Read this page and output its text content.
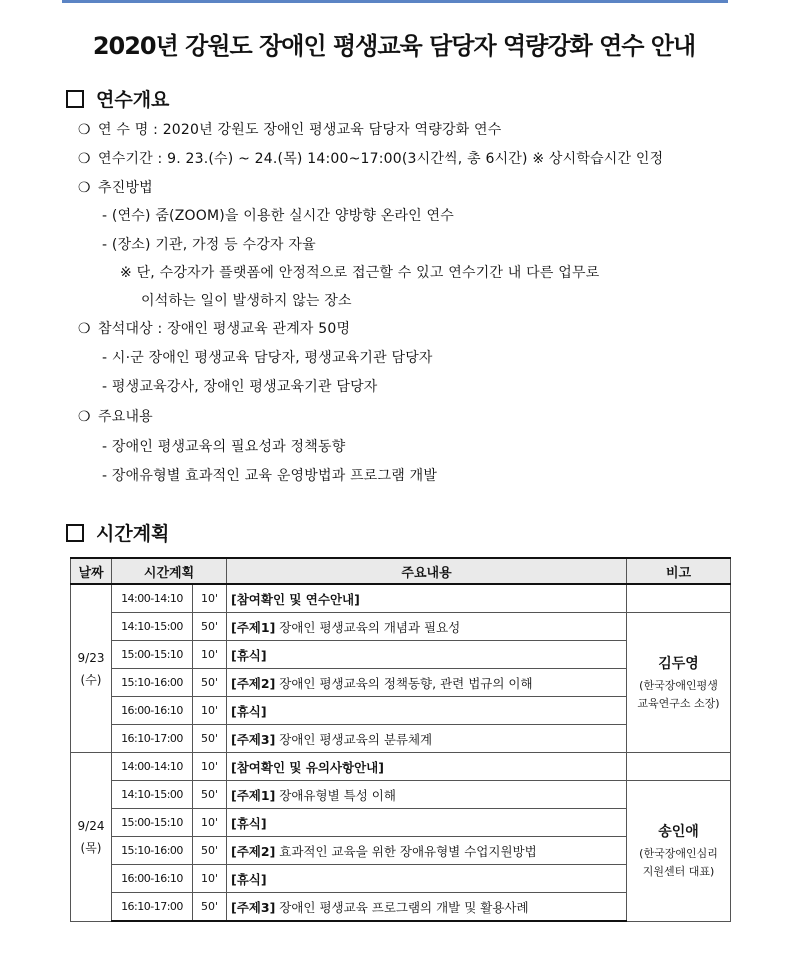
2020년 강원도 장애인 평생교육 담당자 역량강화 연수 안내
연수개요
❍ 연 수 명 : 2020년 강원도 장애인 평생교육 담당자 역량강화 연수
❍ 연수기간 : 9. 23.(수) ~ 24.(목) 14:00~17:00(3시간씩, 총 6시간) ※ 상시학습시간 인정
❍ 추진방법
- (연수) 줌(ZOOM)을 이용한 실시간 양방향 온라인 연수
- (장소) 기관, 가정 등 수강자 자율
※ 단, 수강자가 플랫폼에 안정적으로 접근할 수 있고 연수기간 내 다른 업무로
이석하는 일이 발생하지 않는 장소
❍ 참석대상 : 장애인 평생교육 관계자 50명
- 시·군 장애인 평생교육 담당자, 평생교육기관 담당자
- 평생교육강사, 장애인 평생교육기관 담당자
❍ 주요내용
- 장애인 평생교육의 필요성과 정책동향
- 장애유형별 효과적인 교육 운영방법과 프로그램 개발
시간계획
날짜	시간계획		주요내용	비고
9/23
(수)	14:00-14:10	10'	[참여확인 및 연수안내]	
	14:10-15:00	50'	[주제1] 장애인 평생교육의 개념과 필요성	김두영
(한국장애인평생
교육연구소 소장)

	15:00-15:10	10'	[휴식]	
	15:10-16:00	50'	[주제2] 장애인 평생교육의 정책동향, 관련 법규의 이해	
	16:00-16:10	10'	[휴식]	
	16:10-17:00	50'	[주제3] 장애인 평생교육의 분류체계	
9/24
(목)	14:00-14:10	10'	[참여확인 및 유의사항안내]	
	14:10-15:00	50'	[주제1] 장애유형별 특성 이해	송인애
(한국장애인심리
지원센터 대표)

	15:00-15:10	10'	[휴식]	
	15:10-16:00	50'	[주제2] 효과적인 교육을 위한 장애유형별 수업지원방법	
	16:00-16:10	10'	[휴식]	
	16:10-17:00	50'	[주제3] 장애인 평생교육 프로그램의 개발 및 활용사례	
